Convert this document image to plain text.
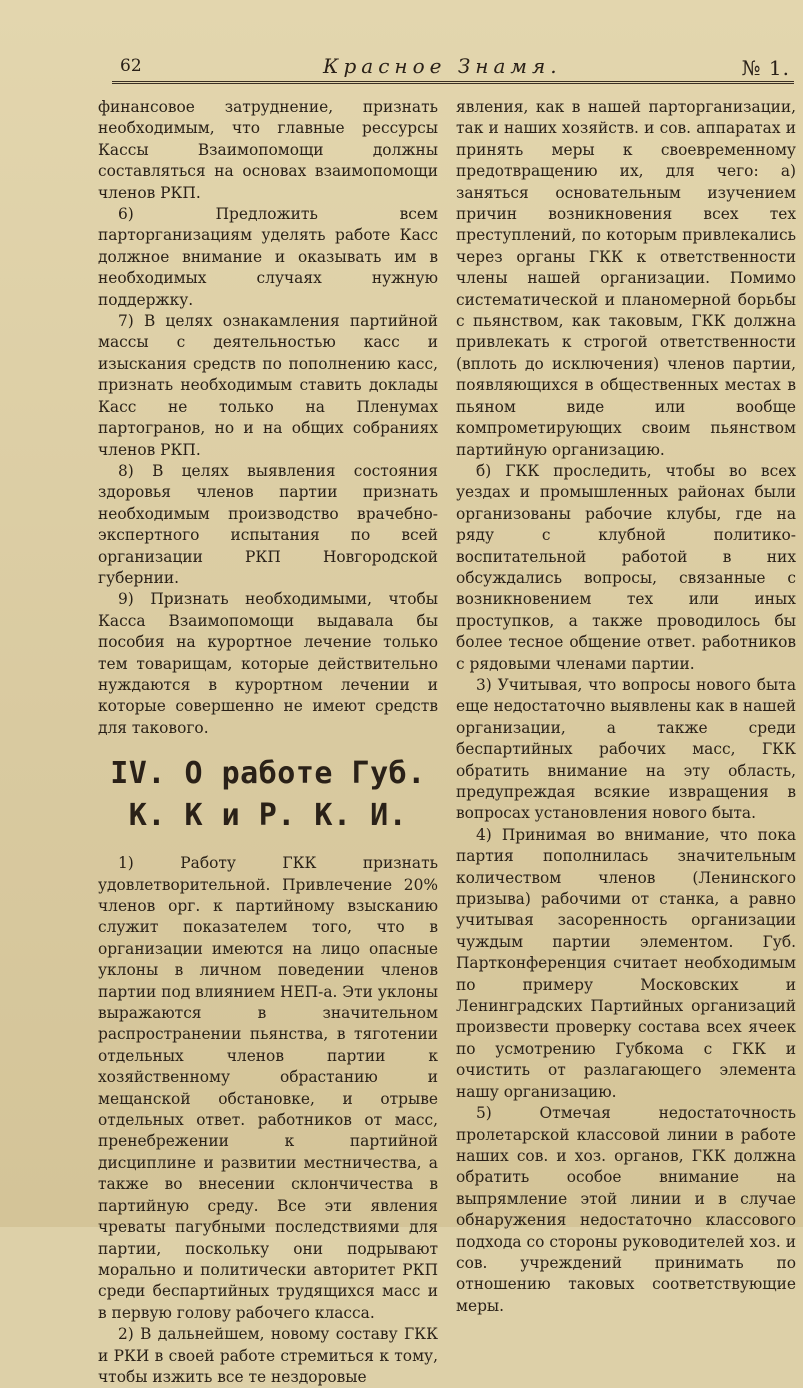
62	Красное Знамя.	№ 1.

финансовое затруднение, признать необходимым, что главные рессурсы Кассы Взаимопомощи должны составляться на основах взаимопомощи членов РКП.

6) Предложить всем парторганизациям уделять работе Касс должное внимание и оказывать им в необходимых случаях нужную поддержку.

7) В целях ознакамления партийной массы с деятельностью касс и изыскания средств по пополнению касс, признать необходимым ставить доклады Касс не только на Пленумах партогранов, но и на общих собраниях членов РКП.

8) В целях выявления состояния здоровья членов партии признать необходимым производство врачебно-экспертного испытания по всей организации РКП Новгородской губернии.

9) Признать необходимыми, чтобы Касса Взаимопомощи выдавала бы пособия на курортное лечение только тем товарищам, которые действительно нуждаются в курортном лечении и которые совершенно не имеют средств для такового.

IV. О работе Губ. К. К и Р. К. И.

1) Работу ГКК признать удовлетворительной. Привлечение 20% членов орг. к партийному взысканию служит показателем того, что в организации имеются на лицо опасные уклоны в личном поведении членов партии под влиянием НЕП-а. Эти уклоны выражаются в значительном распространении пьянства, в тяготении отдельных членов партии к хозяйственному обрастанию и мещанской обстановке, и отрыве отдельных ответ. работников от масс, пренебрежении к партийной дисциплине и развитии местничества, а также во внесении склончичества в партийную среду. Все эти явления чреваты пагубными последствиями для партии, поскольку они подрывают морально и политически авторитет РКП среди беспартийных трудящихся масс и в первую голову рабочего класса.

2) В дальнейшем, новому составу ГКК и РКИ в своей работе стремиться к тому, чтобы изжить все те нездоровые

явления, как в нашей парторганизации, так и наших хозяйств. и сов. аппаратах и принять меры к своевременному предотвращению их, для чего: а) заняться основательным изучением причин возникновения всех тех преступлений, по которым привлекались через органы ГКК к ответственности члены нашей организации. Помимо систематической и планомерной борьбы с пьянством, как таковым, ГКК должна привлекать к строгой ответственности (вплоть до исключения) членов партии, появляющихся в общественных местах в пьяном виде или вообще компрометирующих своим пьянством партийную организацию.

б) ГКК проследить, чтобы во всех уездах и промышленных районах были организованы рабочие клубы, где на ряду с клубной политико-воспитательной работой в них обсуждались вопросы, связанные с возникновением тех или иных проступков, а также проводилось бы более тесное общение ответ. работников с рядовыми членами партии.

3) Учитывая, что вопросы нового быта еще недостаточно выявлены как в нашей организации, а также среди беспартийных рабочих масс, ГКК обратить внимание на эту область, предупреждая всякие извращения в вопросах установления нового быта.

4) Принимая во внимание, что пока партия пополнилась значительным количеством членов (Ленинского призыва) рабочими от станка, а равно учитывая засоренность организации чуждым партии элементом. Губ. Партконференция считает необходимым по примеру Московских и Ленинградских Партийных организаций произвести проверку состава всех ячеек по усмотрению Губкома с ГКК и очистить от разлагающего элемента нашу организацию.

5) Отмечая недостаточность пролетарской классовой линии в работе наших сов. и хоз. органов, ГКК должна обратить особое внимание на выпрямление этой линии и в случае обнаружения недостаточно классового подхода со стороны руководителей хоз. и сов. учреждений принимать по отношению таковых соответствующие меры.
